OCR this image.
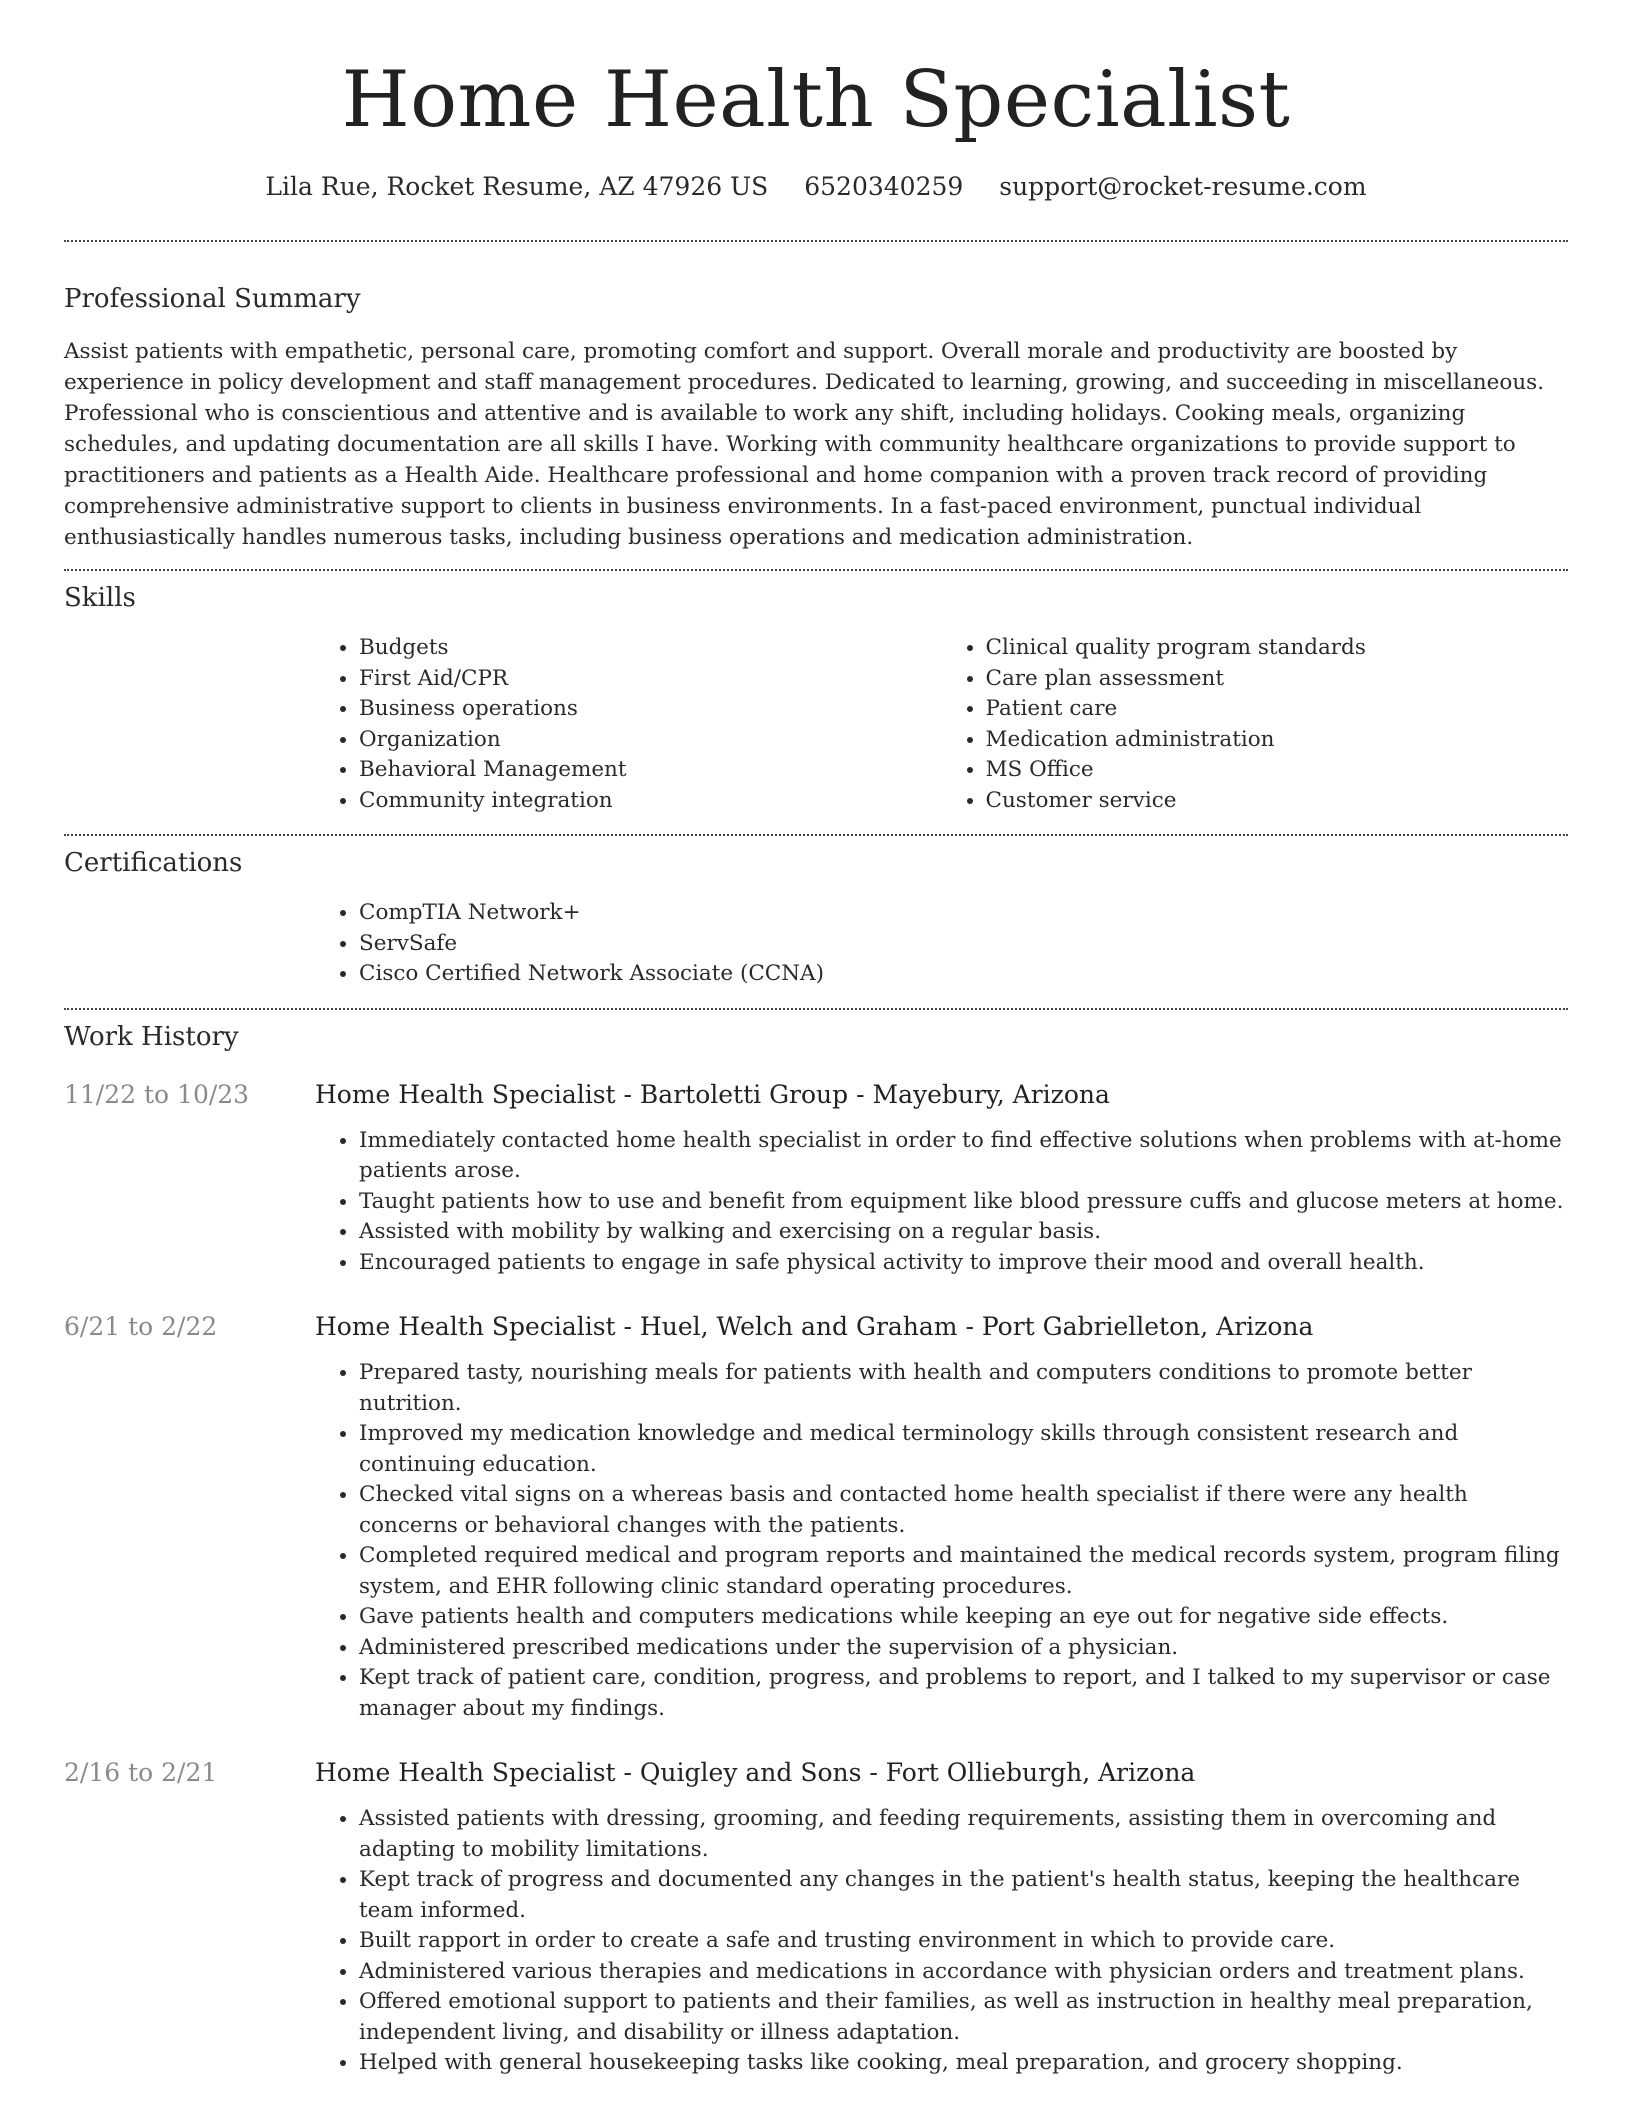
Home Health Specialist
Lila Rue, Rocket Resume, AZ 47926 US 6520340259 support@rocket-resume.com
Professional Summary

Assist patients with empathetic, personal care, promoting comfort and support. Overall morale and productivity are boosted by experience in policy development and staff management procedures. Dedicated to learning, growing, and succeeding in miscellaneous. Professional who is conscientious and attentive and is available to work any shift, including holidays. Cooking meals, organizing schedules, and updating documentation are all skills I have. Working with community healthcare organizations to provide support to practitioners and patients as a Health Aide. Healthcare professional and home companion with a proven track record of providing comprehensive administrative support to clients in business environments. In a fast-paced environment, punctual individual enthusiastically handles numerous tasks, including business operations and medication administration.

Skills
• Budgets
• First Aid/CPR
• Business operations
• Organization
• Behavioral Management
• Community integration
• Clinical quality program standards
• Care plan assessment
• Patient care
• Medication administration
• MS Office
• Customer service
Certifications
• CompTIA Network+
• ServSafe
• Cisco Certified Network Associate (CCNA)
Work History
11/22 to 10/23	Home Health Specialist - Bartoletti Group - Mayebury, Arizona
• Immediately contacted home health specialist in order to find effective solutions when problems with at-home patients arose.
• Taught patients how to use and benefit from equipment like blood pressure cuffs and glucose meters at home.
• Assisted with mobility by walking and exercising on a regular basis.
• Encouraged patients to engage in safe physical activity to improve their mood and overall health.
6/21 to 2/22	Home Health Specialist - Huel, Welch and Graham - Port Gabrielleton, Arizona
• Prepared tasty, nourishing meals for patients with health and computers conditions to promote better nutrition.
• Improved my medication knowledge and medical terminology skills through consistent research and continuing education.
• Checked vital signs on a whereas basis and contacted home health specialist if there were any health concerns or behavioral changes with the patients.
• Completed required medical and program reports and maintained the medical records system, program filing system, and EHR following clinic standard operating procedures.
• Gave patients health and computers medications while keeping an eye out for negative side effects.
• Administered prescribed medications under the supervision of a physician.
• Kept track of patient care, condition, progress, and problems to report, and I talked to my supervisor or case manager about my findings.
2/16 to 2/21	Home Health Specialist - Quigley and Sons - Fort Ollieburgh, Arizona
• Assisted patients with dressing, grooming, and feeding requirements, assisting them in overcoming and adapting to mobility limitations.
• Kept track of progress and documented any changes in the patient's health status, keeping the healthcare team informed.
• Built rapport in order to create a safe and trusting environment in which to provide care.
• Administered various therapies and medications in accordance with physician orders and treatment plans.
• Offered emotional support to patients and their families, as well as instruction in healthy meal preparation, independent living, and disability or illness adaptation.
• Helped with general housekeeping tasks like cooking, meal preparation, and grocery shopping.
